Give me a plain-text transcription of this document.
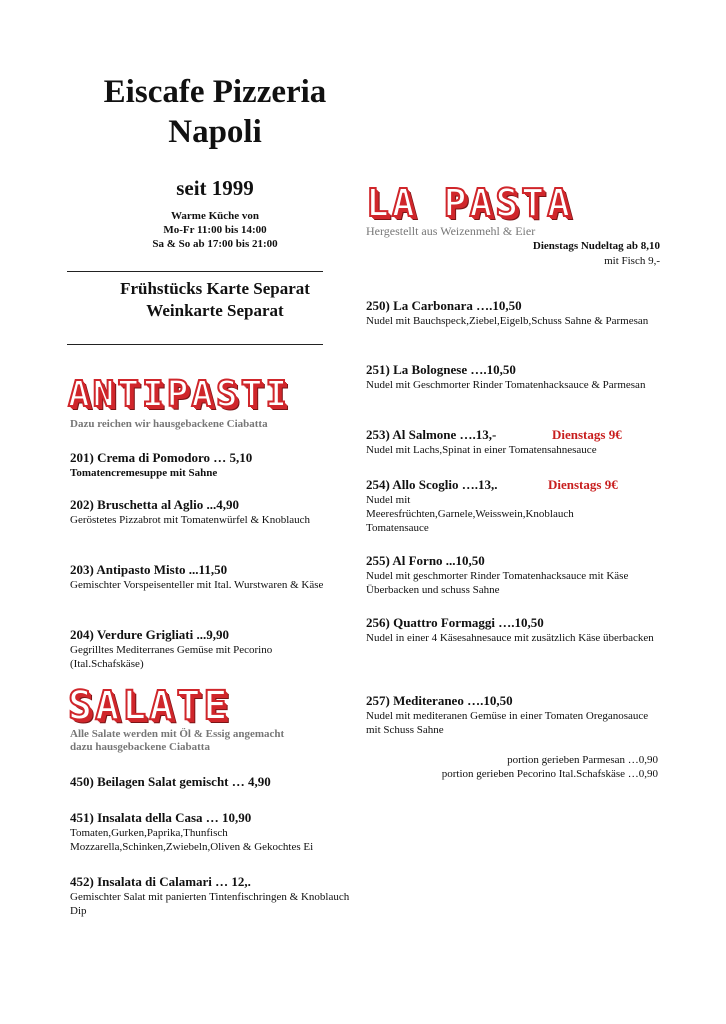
Eiscafe Pizzeria
Napoli
seit 1999
Warme Küche von
Mo-Fr 11:00 bis 14:00
Sa & So ab 17:00 bis 21:00
Frühstücks Karte Separat
Weinkarte Separat
ANTIPASTI
Dazu reichen wir hausgebackene Ciabatta
201) Crema di Pomodoro … 5,10
Tomatencremesuppe mit Sahne
202) Bruschetta al Aglio ...4,90
Geröstetes Pizzabrot mit Tomatenwürfel & Knoblauch
203) Antipasto Misto ...11,50
Gemischter Vorspeisenteller mit Ital. Wurstwaren & Käse
204) Verdure Grigliati ...9,90
Gegrilltes Mediterranes Gemüse mit Pecorino (Ital.Schafskäse)
SALATE
Alle Salate werden mit Öl & Essig angemacht
dazu hausgebackene Ciabatta
450) Beilagen Salat gemischt … 4,90
451) Insalata della Casa … 10,90
Tomaten,Gurken,Paprika,Thunfisch Mozzarella,Schinken,Zwiebeln,Oliven & Gekochtes Ei
452) Insalata di Calamari … 12,.
Gemischter Salat mit panierten Tintenfischringen & Knoblauch Dip
LA PASTA
Hergestellt aus Weizenmehl & Eier
Dienstags Nudeltag ab 8,10
mit Fisch 9,-
250) La Carbonara ….10,50
Nudel mit Bauchspeck,Ziebel,Eigelb,Schuss Sahne & Parmesan
251) La Bolognese ….10,50
Nudel mit Geschmorter Rinder Tomatenhacksauce & Parmesan
253) Al Salmone ….13,-
Nudel mit Lachs,Spinat in einer Tomatensahnesauce
Dienstags 9€
254) Allo Scoglio ….13,.
Nudel mit Meeresfrüchten,Garnele,Weisswein,Knoblauch Tomatensauce
Dienstags 9€
255) Al Forno ...10,50
Nudel mit geschmorter Rinder Tomatenhacksauce mit Käse Überbacken und schuss Sahne
256) Quattro Formaggi ….10,50
Nudel in einer 4 Käsesahnesauce mit zusätzlich Käse überbacken
257) Mediteraneo ….10,50
Nudel mit mediteranen Gemüse in einer Tomaten Oreganosauce mit Schuss Sahne
portion gerieben Parmesan …0,90
portion gerieben Pecorino Ital.Schafskäse …0,90
